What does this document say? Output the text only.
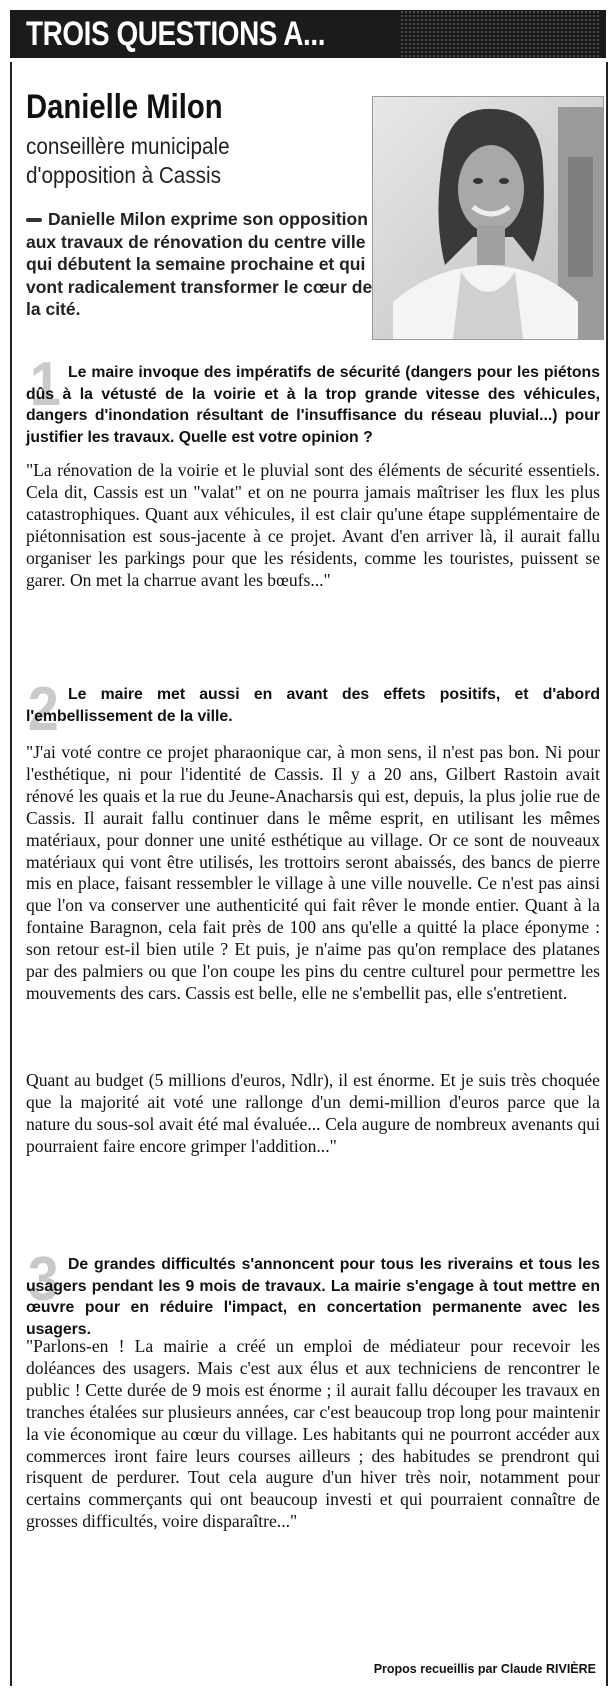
TROIS QUESTIONS A...
Danielle Milon
conseillère municipale
d'opposition à Cassis
Danielle Milon exprime son opposition aux travaux de rénovation du centre ville qui débutent la semaine prochaine et qui vont radicalement transformer le cœur de la cité.
1 Le maire invoque des impératifs de sécurité (dangers pour les piétons dûs à la vétusté de la voirie et à la trop grande vitesse des véhicules, dangers d'inondation résultant de l'insuffisance du réseau pluvial...) pour justifier les travaux. Quelle est votre opinion ?
"La rénovation de la voirie et le pluvial sont des éléments de sécurité essentiels. Cela dit, Cassis est un "valat" et on ne pourra jamais maîtriser les flux les plus catastrophiques. Quant aux véhicules, il est clair qu'une étape supplémentaire de piétonnisation est sous-jacente à ce projet. Avant d'en arriver là, il aurait fallu organiser les parkings pour que les résidents, comme les touristes, puissent se garer. On met la charrue avant les bœufs..."
2 Le maire met aussi en avant des effets positifs, et d'abord l'embellissement de la ville.
"J'ai voté contre ce projet pharaonique car, à mon sens, il n'est pas bon. Ni pour l'esthétique, ni pour l'identité de Cassis. Il y a 20 ans, Gilbert Rastoin avait rénové les quais et la rue du Jeune-Anacharsis qui est, depuis, la plus jolie rue de Cassis. Il aurait fallu continuer dans le même esprit, en utilisant les mêmes matériaux, pour donner une unité esthétique au village. Or ce sont de nouveaux matériaux qui vont être utilisés, les trottoirs seront abaissés, des bancs de pierre mis en place, faisant ressembler le village à une ville nouvelle. Ce n'est pas ainsi que l'on va conserver une authenticité qui fait rêver le monde entier. Quant à la fontaine Baragnon, cela fait près de 100 ans qu'elle a quitté la place éponyme : son retour est-il bien utile ? Et puis, je n'aime pas qu'on remplace des platanes par des palmiers ou que l'on coupe les pins du centre culturel pour permettre les mouvements des cars. Cassis est belle, elle ne s'embellit pas, elle s'entretient.
Quant au budget (5 millions d'euros, Ndlr), il est énorme. Et je suis très choquée que la majorité ait voté une rallonge d'un demi-million d'euros parce que la nature du sous-sol avait été mal évaluée... Cela augure de nombreux avenants qui pourraient faire encore grimper l'addition..."
3 De grandes difficultés s'annoncent pour tous les riverains et tous les usagers pendant les 9 mois de travaux. La mairie s'engage à tout mettre en œuvre pour en réduire l'impact, en concertation permanente avec les usagers.
"Parlons-en ! La mairie a créé un emploi de médiateur pour recevoir les doléances des usagers. Mais c'est aux élus et aux techniciens de rencontrer le public ! Cette durée de 9 mois est énorme ; il aurait fallu découper les travaux en tranches étalées sur plusieurs années, car c'est beaucoup trop long pour maintenir la vie économique au cœur du village. Les habitants qui ne pourront accéder aux commerces iront faire leurs courses ailleurs ; des habitudes se prendront qui risquent de perdurer. Tout cela augure d'un hiver très noir, notamment pour certains commerçants qui ont beaucoup investi et qui pourraient connaître de grosses difficultés, voire disparaître..."
Propos recueillis par Claude RIVIÈRE
